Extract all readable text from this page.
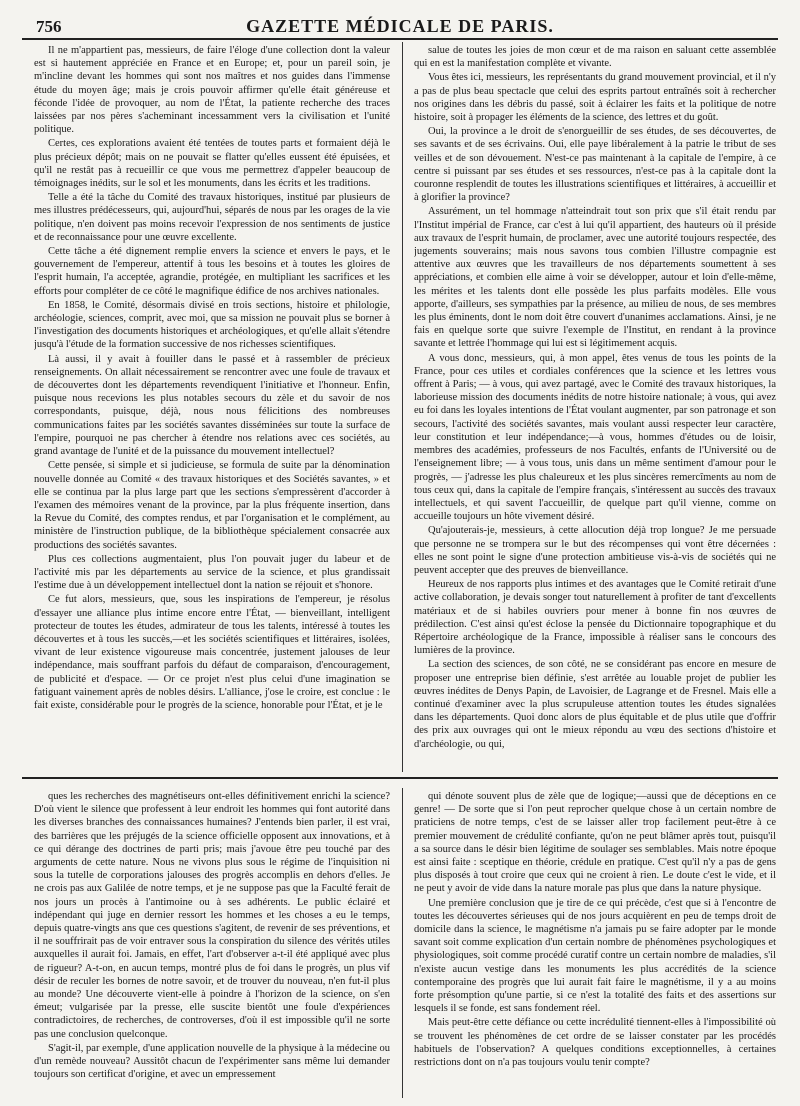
756	GAZETTE MÉDICALE DE PARIS.

Il ne m'appartient pas, messieurs, de faire l'éloge d'une collection dont la valeur est si hautement appréciée en France et en Europe; et, pour un pareil soin, je m'incline devant les hommes qui sont nos maîtres et nos guides dans l'immense étude du moyen âge; mais je crois pouvoir affirmer qu'elle était généreuse et féconde l'idée de provoquer, au nom de l'État, la patiente recherche des traces laissées par nos pères s'acheminant incessamment vers la civilisation et l'unité politique.

Certes, ces explorations avaient été tentées de toutes parts et formaient déjà le plus précieux dépôt; mais on ne pouvait se flatter qu'elles eussent été épuisées, et qu'il ne restât pas à recueillir ce que vous me permettrez d'appeler beaucoup de témoignages inédits, sur le sol et les monuments, dans les écrits et les traditions.

Telle a été la tâche du Comité des travaux historiques, institué par plusieurs de mes illustres prédécesseurs, qui, aujourd'hui, séparés de nous par les orages de la vie politique, n'en doivent pas moins recevoir l'expression de nos sentiments de justice et de reconnaissance pour une œuvre excellente.

Cette tâche a été dignement remplie envers la science et envers le pays, et le gouvernement de l'empereur, attentif à tous les besoins et à toutes les gloires de l'esprit humain, l'a acceptée, agrandie, protégée, en multipliant les sacrifices et les efforts pour compléter de ce côté le magnifique édifice de nos archives nationales.

En 1858, le Comité, désormais divisé en trois sections, histoire et philologie, archéologie, sciences, comprit, avec moi, que sa mission ne pouvait plus se borner à l'investigation des documents historiques et archéologiques, et qu'elle allait s'étendre jusqu'à l'étude de la formation successive de nos richesses scientifiques.

Là aussi, il y avait à fouiller dans le passé et à rassembler de précieux renseignements. On allait nécessairement se rencontrer avec une foule de travaux et de découvertes dont les départements revendiquent l'initiative et l'honneur. Enfin, puisque nous recevions les plus notables secours du zèle et du savoir de nos correspondants, puisque, déjà, nous nous félicitions des nombreuses communications faites par les sociétés savantes disséminées sur toute la surface de l'empire, pourquoi ne pas chercher à étendre nos relations avec ces sociétés, au grand avantage de l'unité et de la puissance du mouvement intellectuel?

Cette pensée, si simple et si judicieuse, se formula de suite par la dénomination nouvelle donnée au Comité « des travaux historiques et des Sociétés savantes, » et elle se continua par la plus large part que les sections s'empressèrent d'accorder à l'examen des mémoires venant de la province, par la plus fréquente insertion, dans la Revue du Comité, des comptes rendus, et par l'organisation et le complément, au ministère de l'instruction publique, de la bibliothèque spécialement consacrée aux productions des sociétés savantes.

Plus ces collections augmentaient, plus l'on pouvait juger du labeur et de l'activité mis par les départements au service de la science, et plus grandissait l'estime due à un développement intellectuel dont la nation se réjouit et s'honore.

Ce fut alors, messieurs, que, sous les inspirations de l'empereur, je résolus d'essayer une alliance plus intime encore entre l'État, — bienveillant, intelligent protecteur de toutes les études, admirateur de tous les talents, intéressé à toutes les découvertes et à tous les succès,—et les sociétés scientifiques et littéraires, isolées, vivant de leur existence vigoureuse mais concentrée, justement jalouses de leur indépendance, mais souffrant parfois du défaut de comparaison, d'encouragement, de publicité et d'espace. — Or ce projet n'est plus celui d'une imagination se fatiguant vainement après de nobles désirs. L'alliance, j'ose le croire, est conclue : le fait existe, considérable pour le progrès de la science, honorable pour l'État, et je le

salue de toutes les joies de mon cœur et de ma raison en saluant cette assemblée qui en est la manifestation complète et vivante.

Vous êtes ici, messieurs, les représentants du grand mouvement provincial, et il n'y a pas de plus beau spectacle que celui des esprits partout entraînés soit à rechercher nos origines dans les débris du passé, soit à éclairer les faits et la politique de notre histoire, soit à propager les éléments de la science, des lettres et du goût.

Oui, la province a le droit de s'enorgueillir de ses études, de ses découvertes, de ses savants et de ses écrivains. Oui, elle paye libéralement à la patrie le tribut de ses veilles et de son dévouement. N'est-ce pas maintenant à la capitale de l'empire, à ce centre si puissant par ses études et ses ressources, n'est-ce pas à la capitale dont la couronne resplendit de toutes les illustrations scientifiques et littéraires, à accueillir et à glorifier la province?

Assurément, un tel hommage n'atteindrait tout son prix que s'il était rendu par l'Institut impérial de France, car c'est à lui qu'il appartient, des hauteurs où il préside aux travaux de l'esprit humain, de proclamer, avec une autorité toujours respectée, des jugements souverains; mais nous savons tous combien l'illustre compagnie est attentive aux œuvres que les travailleurs de nos départements soumettent à ses appréciations, et combien elle aime à voir se développer, autour et loin d'elle-même, les mérites et les talents dont elle possède les plus parfaits modèles. Elle vous apporte, d'ailleurs, ses sympathies par la présence, au milieu de nous, de ses membres les plus éminents, dont le nom doit être couvert d'unanimes acclamations. Ainsi, je ne fais en quelque sorte que suivre l'exemple de l'Institut, en rendant à la province savante et lettrée l'hommage qui lui est si légitimement acquis.

A vous donc, messieurs, qui, à mon appel, êtes venus de tous les points de la France, pour ces utiles et cordiales conférences que la science et les lettres vous offrent à Paris; — à vous, qui avez partagé, avec le Comité des travaux historiques, la laborieuse mission des documents inédits de notre histoire nationale; à vous, qui avez eu foi dans les loyales intentions de l'État voulant augmenter, par son patronage et son secours, l'activité des sociétés savantes, mais voulant aussi respecter leur caractère, leur constitution et leur indépendance;—à vous, hommes d'études ou de loisir, membres des académies, professeurs de nos Facultés, enfants de l'Université ou de l'enseignement libre; — à vous tous, unis dans un même sentiment d'amour pour le progrès, — j'adresse les plus chaleureux et les plus sincères remercîments au nom de tous ceux qui, dans la capitale de l'empire français, s'intéressent au succès des travaux intellectuels, et qui savent l'accueillir, de quelque part qu'il vienne, comme on accueille toujours un hôte vivement désiré.

Qu'ajouterais-je, messieurs, à cette allocution déjà trop longue? Je me persuade que personne ne se trompera sur le but des récompenses qui vont être décernées : elles ne sont point le signe d'une protection ambitieuse vis-à-vis de sociétés qui ne peuvent accepter que des preuves de bienveillance.

Heureux de nos rapports plus intimes et des avantages que le Comité retirait d'une active collaboration, je devais songer tout naturellement à profiter de tant d'excellents matériaux et de si habiles ouvriers pour mener à bonne fin nos œuvres de prédilection. C'est ainsi qu'est éclose la pensée du Dictionnaire topographique et du Répertoire archéologique de la France, impossible à réaliser sans le concours des lumières de la province.

La section des sciences, de son côté, ne se considérant pas encore en mesure de proposer une entreprise bien définie, s'est arrêtée au louable projet de publier les œuvres inédites de Denys Papin, de Lavoisier, de Lagrange et de Fresnel. Mais elle a continué d'examiner avec la plus scrupuleuse attention toutes les études signalées dans les départements. Quoi donc alors de plus équitable et de plus utile que d'offrir des prix aux ouvrages qui ont le mieux répondu au vœu des sections d'histoire et d'archéologie, ou qui,

ques les recherches des magnétiseurs ont-elles définitivement enrichi la science? D'où vient le silence que professent à leur endroit les hommes qui font autorité dans les diverses branches des connaissances humaines? J'entends bien parler, il est vrai, des barrières que les préjugés de la science officielle opposent aux innovations, et à ce qui dérange des doctrines de parti pris; mais j'avoue être peu touché par des arguments de cette nature. Nous ne vivons plus sous le régime de l'inquisition ni sous la tutelle de corporations jalouses des progrès accomplis en dehors d'elles. Je ne crois pas aux Galilée de notre temps, et je ne suppose pas que la Faculté ferait de nos jours un procès à l'antimoine ou à ses adhérents. Le public éclairé et indépendant qui juge en dernier ressort les hommes et les choses a eu le temps, depuis quatre-vingts ans que ces questions s'agitent, de revenir de ses préventions, et il ne souffrirait pas de voir entraver sous la conspiration du silence des vérités utiles auxquelles il aurait foi. Jamais, en effet, l'art d'observer a-t-il été appliqué avec plus de rigueur? A-t-on, en aucun temps, montré plus de foi dans le progrès, un plus vif désir de reculer les bornes de notre savoir, et de trouver du nouveau, n'en fut-il plus au monde? Une découverte vient-elle à poindre à l'horizon de la science, on s'en émeut; vulgarisée par la presse, elle suscite bientôt une foule d'expériences contradictoires, de recherches, de controverses, d'où il est impossible qu'il ne sorte pas une conclusion quelconque.

S'agit-il, par exemple, d'une application nouvelle de la physique à la médecine ou d'un remède nouveau? Aussitôt chacun de l'expérimenter sans même lui demander toujours son certificat d'origine, et avec un empressement

qui dénote souvent plus de zèle que de logique;—aussi que de déceptions en ce genre! — De sorte que si l'on peut reprocher quelque chose à un certain nombre de praticiens de notre temps, c'est de se laisser aller trop facilement peut-être à ce premier mouvement de crédulité confiante, qu'on ne peut blâmer après tout, puisqu'il a sa source dans le désir bien légitime de soulager ses semblables. Mais notre époque est ainsi faite : sceptique en théorie, crédule en pratique. C'est qu'il n'y a pas de gens plus disposés à tout croire que ceux qui ne croient à rien. Le doute c'est le vide, et il ne peut y avoir de vide dans la nature morale pas plus que dans la nature physique.

Une première conclusion que je tire de ce qui précède, c'est que si à l'encontre de toutes les découvertes sérieuses qui de nos jours acquièrent en peu de temps droit de domicile dans la science, le magnétisme n'a jamais pu se faire adopter par le monde savant soit comme explication d'un certain nombre de phénomènes psychologiques et physiologiques, soit comme procédé curatif contre un certain nombre de maladies, s'il n'existe aucun vestige dans les monuments les plus accrédités de la science contemporaine des progrès que lui aurait fait faire le magnétisme, il y a au moins forte présomption qu'une partie, si ce n'est la totalité des faits et des assertions sur lesquels il se fonde, est sans fondement réel.

Mais peut-être cette défiance ou cette incrédulité tiennent-elles à l'impossibilité où se trouvent les phénomènes de cet ordre de se laisser constater par les procédés habituels de l'observation? A quelques conditions exceptionnelles, à certaines restrictions dont on n'a pas toujours voulu tenir compte?
